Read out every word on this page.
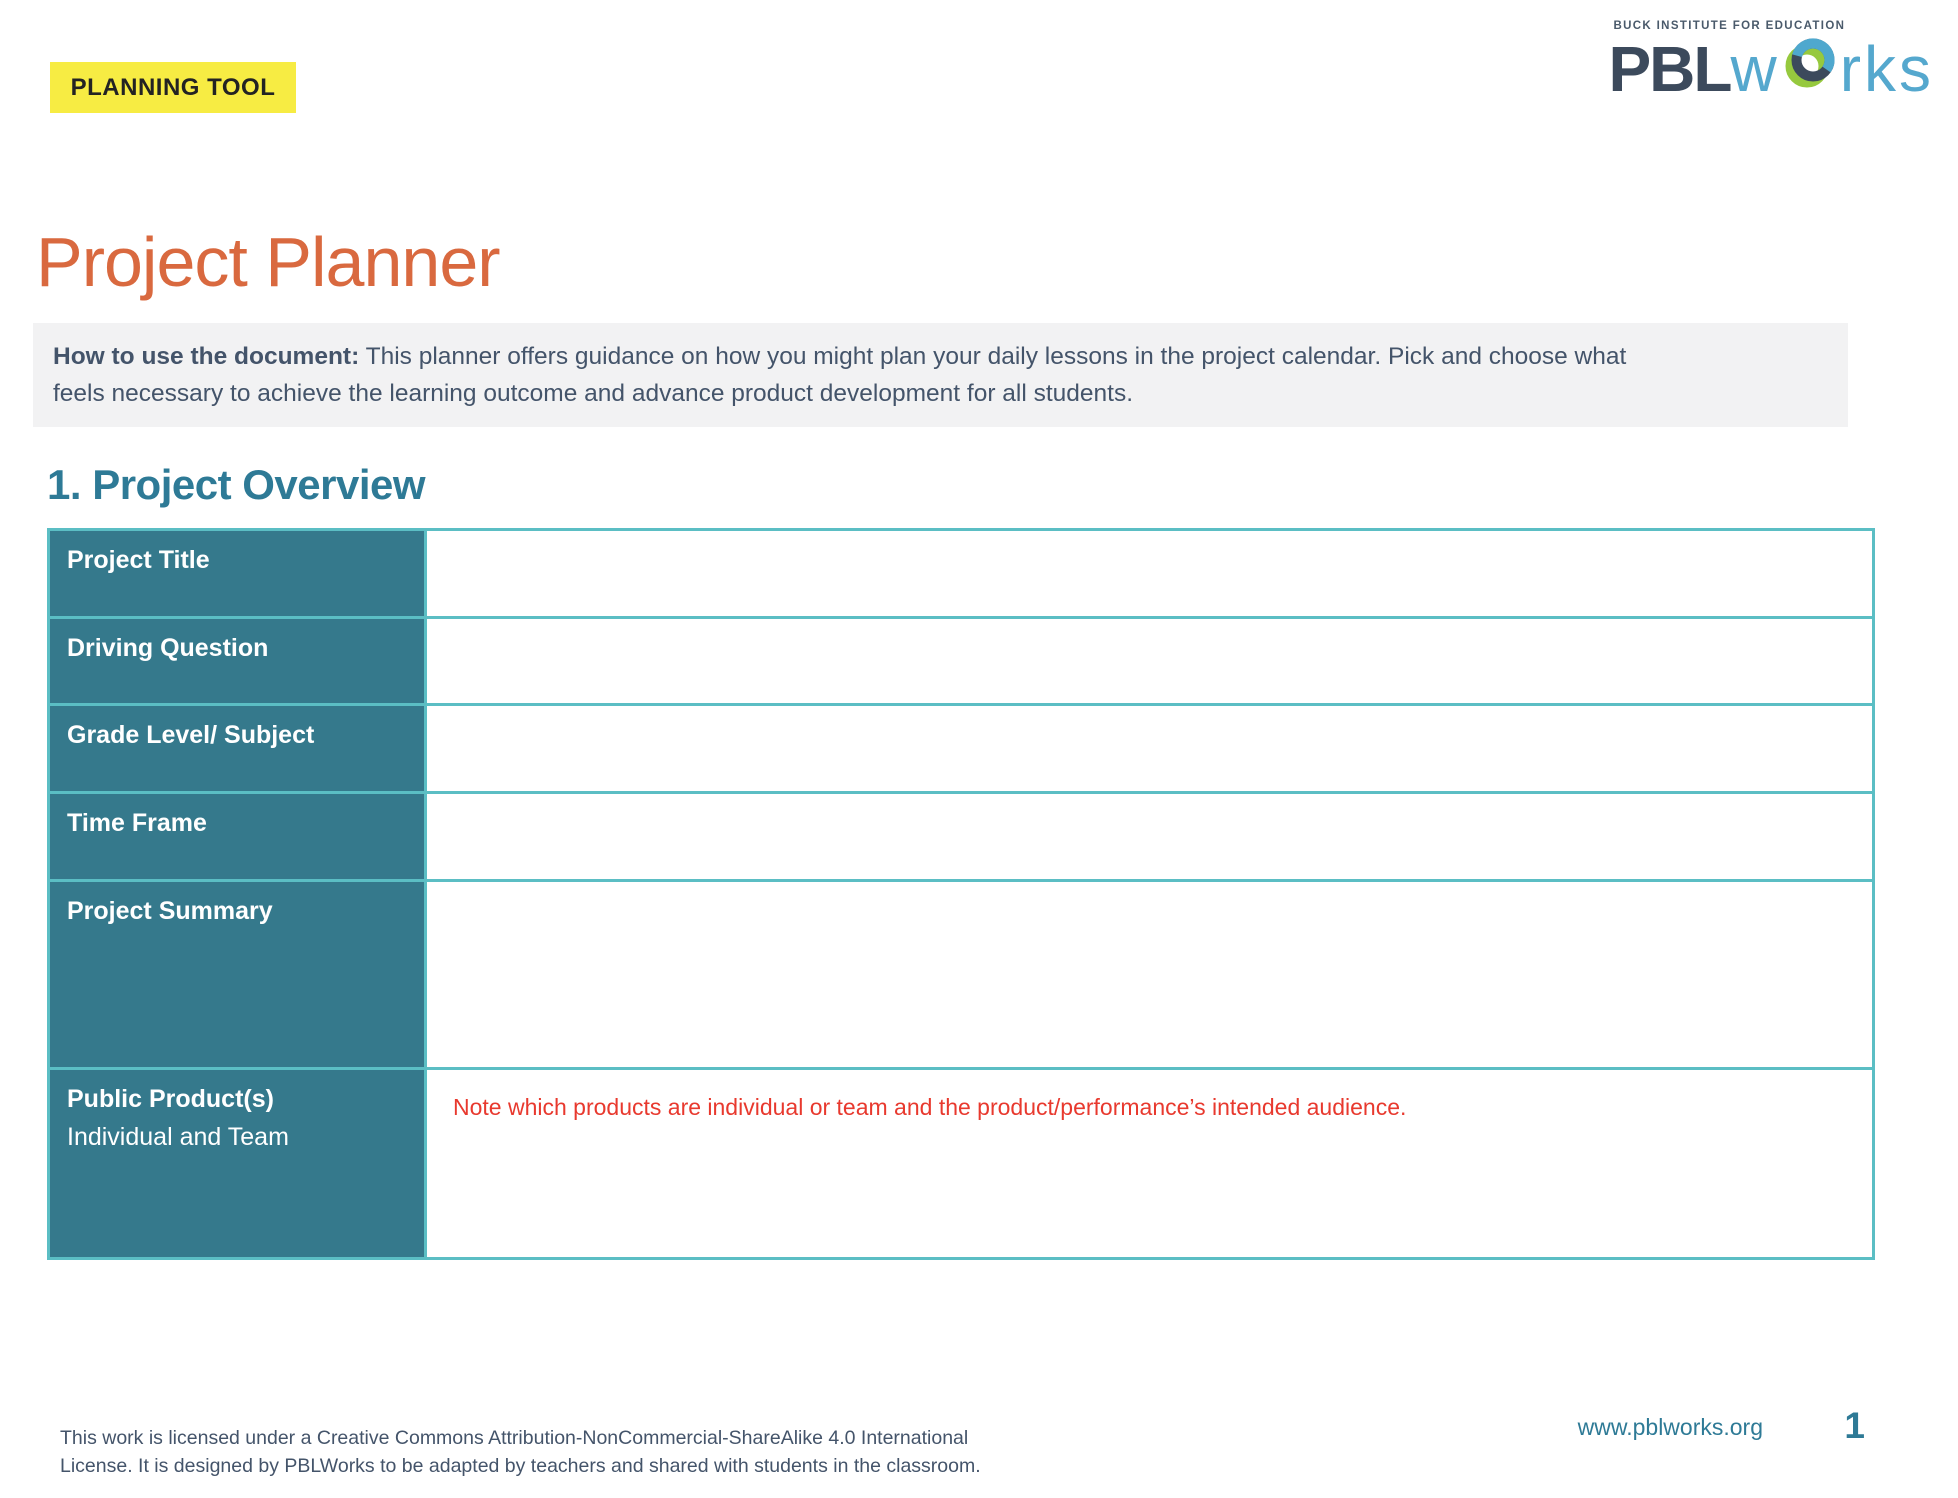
PLANNING TOOL
BUCK INSTITUTE FOR EDUCATION
PBL w rks
Project Planner
How to use the document: This planner offers guidance on how you might plan your daily lessons in the project calendar. Pick and choose what feels necessary to achieve the learning outcome and advance product development for all students.
1. Project Overview
Project Title
Driving Question
Grade Level/ Subject
Time Frame
Project Summary
Public Product(s)
Individual and Team
Note which products are individual or team and the product/performance’s intended audience.
This work is licensed under a Creative Commons Attribution-NonCommercial-ShareAlike 4.0 International License. It is designed by PBLWorks to be adapted by teachers and shared with students in the classroom.
www.pblworks.org 1
